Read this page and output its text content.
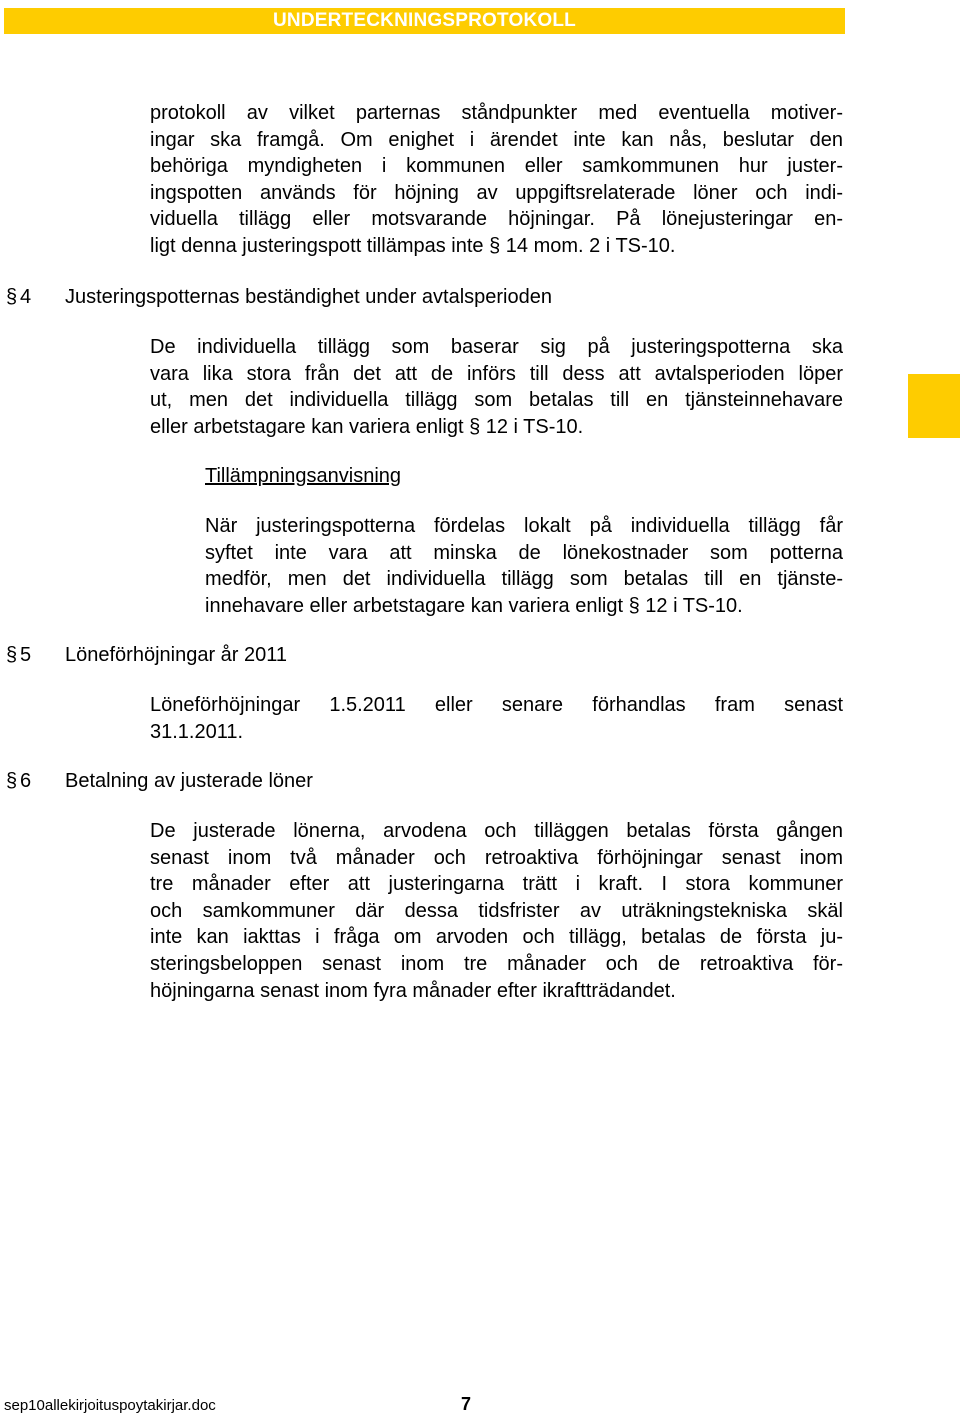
UNDERTECKNINGSPROTOKOLL
protokoll av vilket parternas ståndpunkter med eventuella motiver-
ingar ska framgå. Om enighet i ärendet inte kan nås, beslutar den
behöriga myndigheten i kommunen eller samkommunen hur juster-
ingspotten används för höjning av uppgiftsrelaterade löner och indi-
viduella tillägg eller motsvarande höjningar. På lönejusteringar en-
ligt denna justeringspott tillämpas inte § 14 mom. 2 i TS-10.
§ 4 Justeringspotternas beständighet under avtalsperioden
De individuella tillägg som baserar sig på justeringspotterna ska
vara lika stora från det att de införs till dess att avtalsperioden löper
ut, men det individuella tillägg som betalas till en tjänsteinnehavare
eller arbetstagare kan variera enligt § 12 i TS-10.
Tillämpningsanvisning
När justeringspotterna fördelas lokalt på individuella tillägg får
syftet inte vara att minska de lönekostnader som potterna
medför, men det individuella tillägg som betalas till en tjänste-
innehavare eller arbetstagare kan variera enligt § 12 i TS-10.
§ 5 Löneförhöjningar år 2011
Löneförhöjningar 1.5.2011 eller senare förhandlas fram senast
31.1.2011.
§ 6 Betalning av justerade löner
De justerade lönerna, arvodena och tilläggen betalas första gången
senast inom två månader och retroaktiva förhöjningar senast inom
tre månader efter att justeringarna trätt i kraft. I stora kommuner
och samkommuner där dessa tidsfrister av uträkningstekniska skäl
inte kan iakttas i fråga om arvoden och tillägg, betalas de första ju-
steringsbeloppen senast inom tre månader och de retroaktiva för-
höjningarna senast inom fyra månader efter ikraftträdandet.
sep10allekirjoituspoytakirjar.doc	7
